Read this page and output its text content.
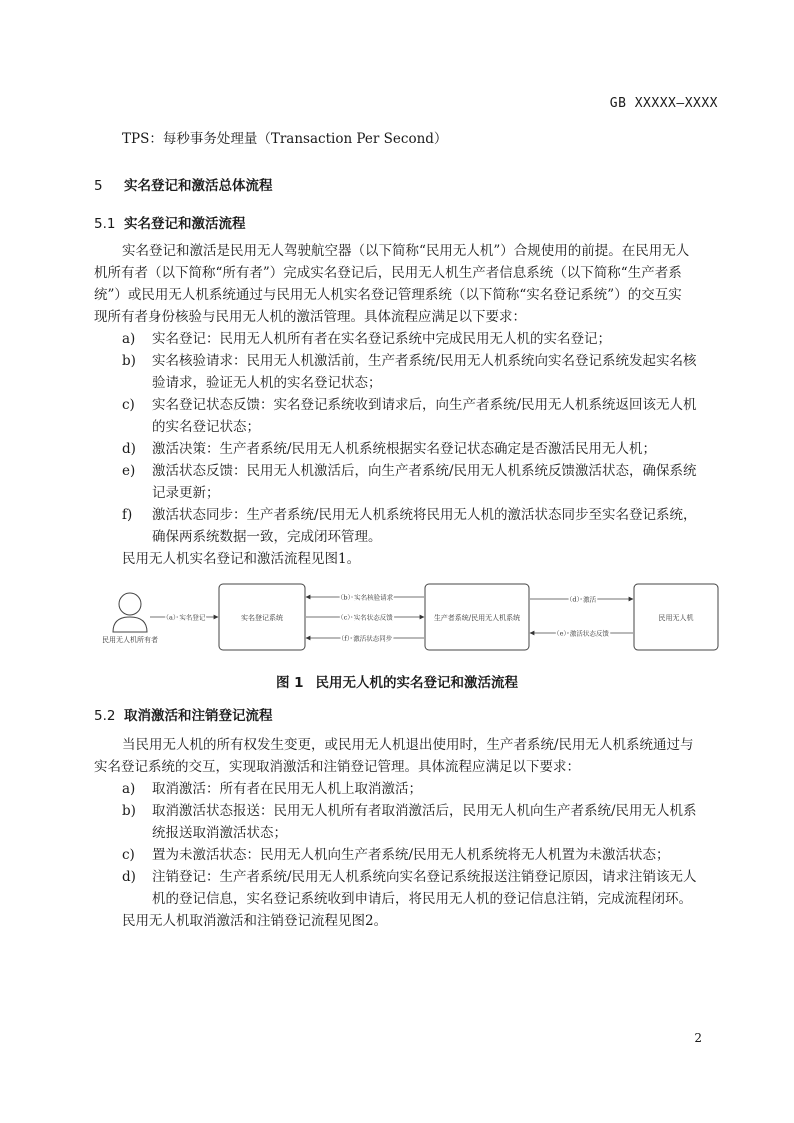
GB XXXXX—XXXX
TPS：每秒事务处理量（Transaction Per Second）
5 实名登记和激活总体流程
5.1 实名登记和激活流程
实名登记和激活是民用无人驾驶航空器（以下简称“民用无人机”）合规使用的前提。在民用无人
机所有者（以下简称“所有者”）完成实名登记后，民用无人机生产者信息系统（以下简称“生产者系
统”）或民用无人机系统通过与民用无人机实名登记管理系统（以下简称“实名登记系统”）的交互实
现所有者身份核验与民用无人机的激活管理。具体流程应满足以下要求：
a) 实名登记：民用无人机所有者在实名登记系统中完成民用无人机的实名登记；
b) 实名核验请求：民用无人机激活前，生产者系统/民用无人机系统向实名登记系统发起实名核
验请求，验证无人机的实名登记状态；
c) 实名登记状态反馈：实名登记系统收到请求后，向生产者系统/民用无人机系统返回该无人机
的实名登记状态；
d) 激活决策：生产者系统/民用无人机系统根据实名登记状态确定是否激活民用无人机；
e) 激活状态反馈：民用无人机激活后，向生产者系统/民用无人机系统反馈激活状态，确保系统
记录更新；
f) 激活状态同步：生产者系统/民用无人机系统将民用无人机的激活状态同步至实名登记系统，
确保两系统数据一致，完成闭环管理。
民用无人机实名登记和激活流程见图1。
民用无人机所有者
实名登记系统	生产者系统/民用无人机系统	民用无人机
（a）实名登记
（b）实名核验请求
（c）实名状态反馈
（f）激活状态同步
（d）激活
（e）激活状态反馈
图 1 民用无人机的实名登记和激活流程
5.2 取消激活和注销登记流程
当民用无人机的所有权发生变更，或民用无人机退出使用时，生产者系统/民用无人机系统通过与
实名登记系统的交互，实现取消激活和注销登记管理。具体流程应满足以下要求：
a) 取消激活：所有者在民用无人机上取消激活；
b) 取消激活状态报送：民用无人机所有者取消激活后，民用无人机向生产者系统/民用无人机系
统报送取消激活状态；
c) 置为未激活状态：民用无人机向生产者系统/民用无人机系统将无人机置为未激活状态；
d) 注销登记：生产者系统/民用无人机系统向实名登记系统报送注销登记原因，请求注销该无人
机的登记信息，实名登记系统收到申请后，将民用无人机的登记信息注销，完成流程闭环。
民用无人机取消激活和注销登记流程见图2。
2
